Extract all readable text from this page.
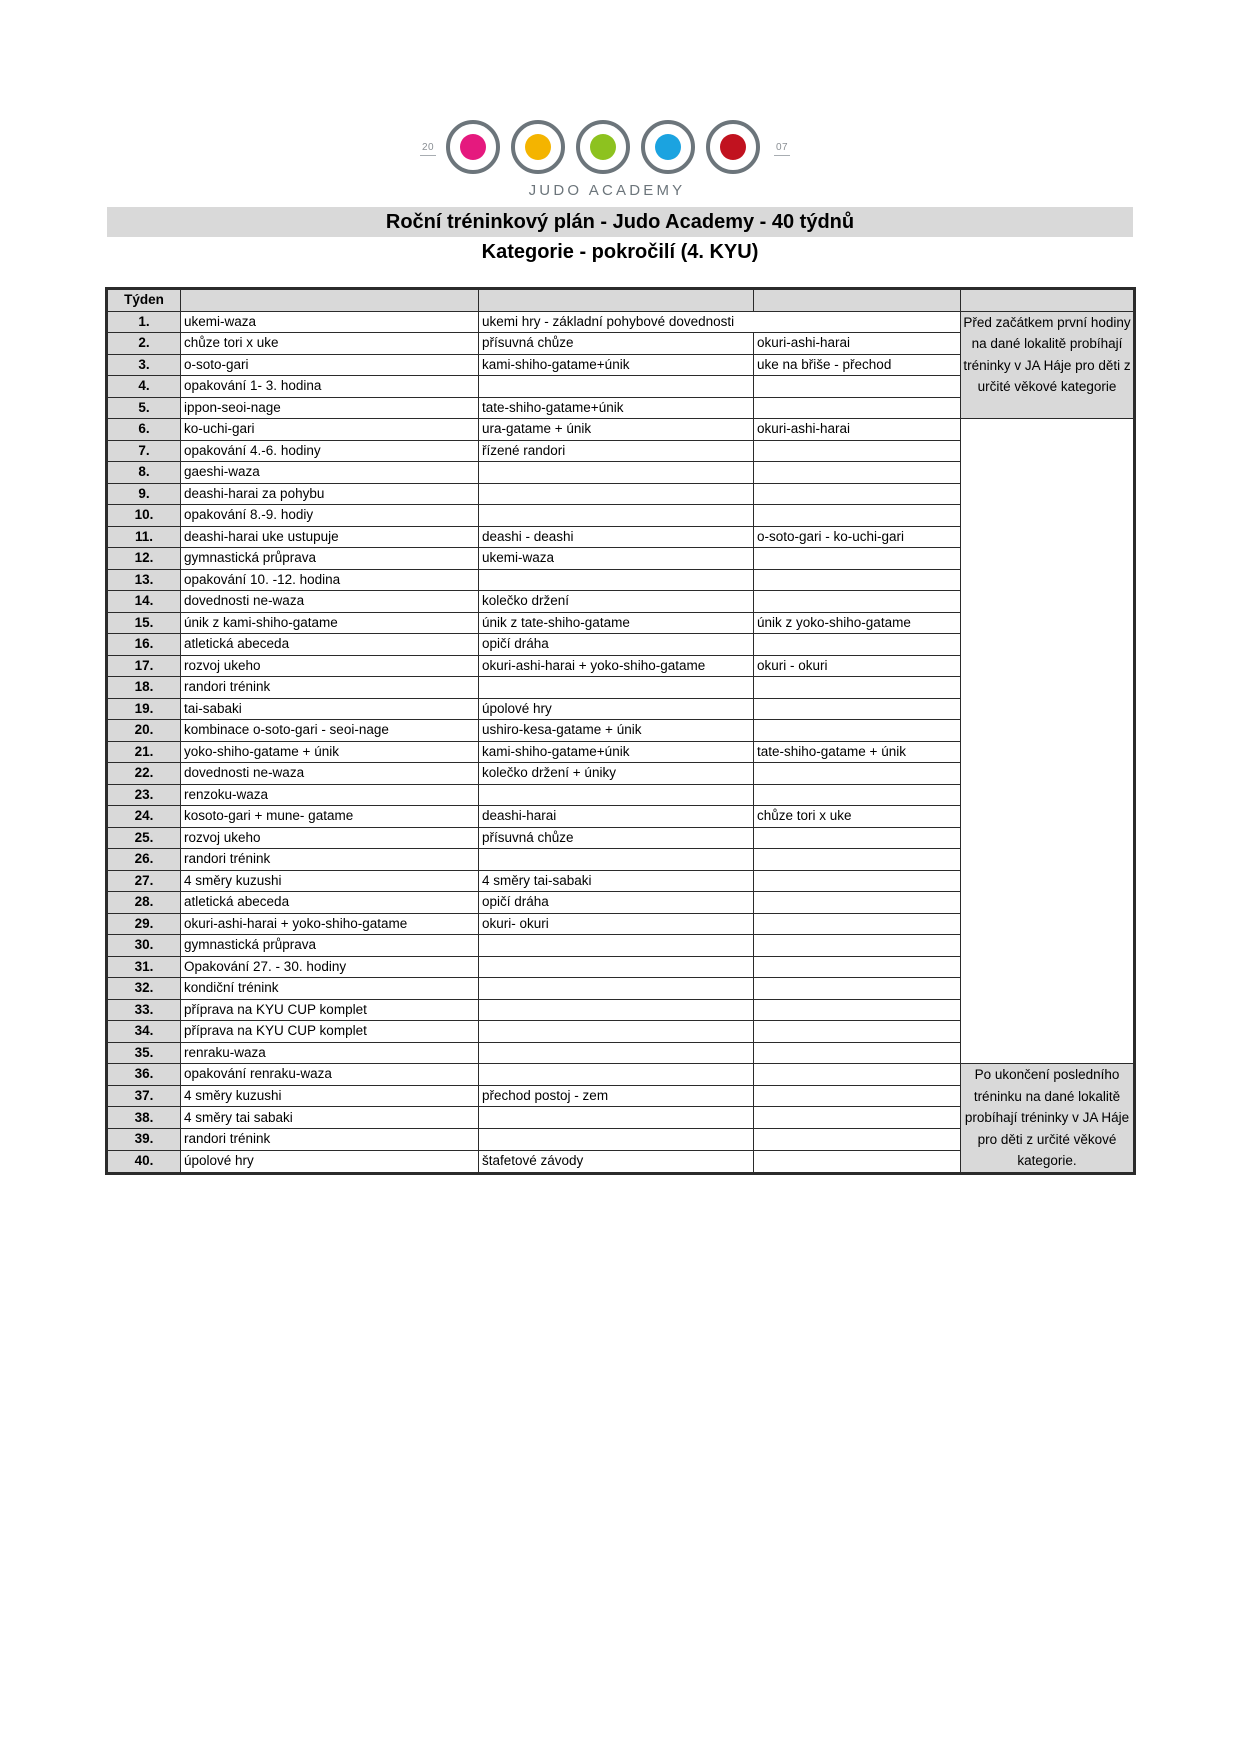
20	07
JUDO ACADEMY
Roční tréninkový plán - Judo Academy - 40 týdnů
Kategorie - pokročilí (4. KYU)
Týden				
1.	ukemi-waza	ukemi hry - základní pohybové dovednosti		Před začátkem první hodiny na dané lokalitě probíhají tréninky v JA Háje pro děti z určité věkové kategorie
2.	chůze tori x uke	přísuvná chůze	okuri-ashi-harai	
3.	o-soto-gari	kami-shiho-gatame+únik	uke na břiše - přechod	
4.	opakování 1- 3. hodina			
5.	ippon-seoi-nage	tate-shiho-gatame+únik		
6.	ko-uchi-gari	ura-gatame + únik	okuri-ashi-harai	
7.	opakování 4.-6. hodiny	řízené randori		
8.	gaeshi-waza			
9.	deashi-harai za pohybu			
10.	opakování 8.-9. hodiy			
11.	deashi-harai uke ustupuje	deashi - deashi	o-soto-gari - ko-uchi-gari	
12.	gymnastická průprava	ukemi-waza		
13.	opakování 10. -12. hodina			
14.	dovednosti ne-waza	kolečko držení		
15.	únik z kami-shiho-gatame	únik z tate-shiho-gatame	únik z yoko-shiho-gatame	
16.	atletická abeceda	opičí dráha		
17.	rozvoj ukeho	okuri-ashi-harai + yoko-shiho-gatame	okuri - okuri	
18.	randori trénink			
19.	tai-sabaki	úpolové hry		
20.	kombinace o-soto-gari - seoi-nage	ushiro-kesa-gatame + únik		
21.	yoko-shiho-gatame + únik	kami-shiho-gatame+únik	tate-shiho-gatame + únik	
22.	dovednosti ne-waza	kolečko držení + úniky		
23.	renzoku-waza			
24.	kosoto-gari + mune- gatame	deashi-harai	chůze tori x uke	
25.	rozvoj ukeho	přísuvná chůze		
26.	randori trénink			
27.	4 směry kuzushi	4 směry tai-sabaki		
28.	atletická abeceda	opičí dráha		
29.	okuri-ashi-harai + yoko-shiho-gatame	okuri- okuri		
30.	gymnastická průprava			
31.	Opakování 27. - 30. hodiny			
32.	kondiční trénink			
33.	příprava na KYU CUP komplet			
34.	příprava na KYU CUP komplet			
35.	renraku-waza			
36.	opakování renraku-waza			Po ukončení posledního tréninku na dané lokalitě probíhají tréninky v JA Háje pro děti z určité věkové kategorie.
37.	4 směry kuzushi	přechod postoj - zem		
38.	4 směry tai sabaki			
39.	randori trénink			
40.	úpolové hry	štafetové závody		
